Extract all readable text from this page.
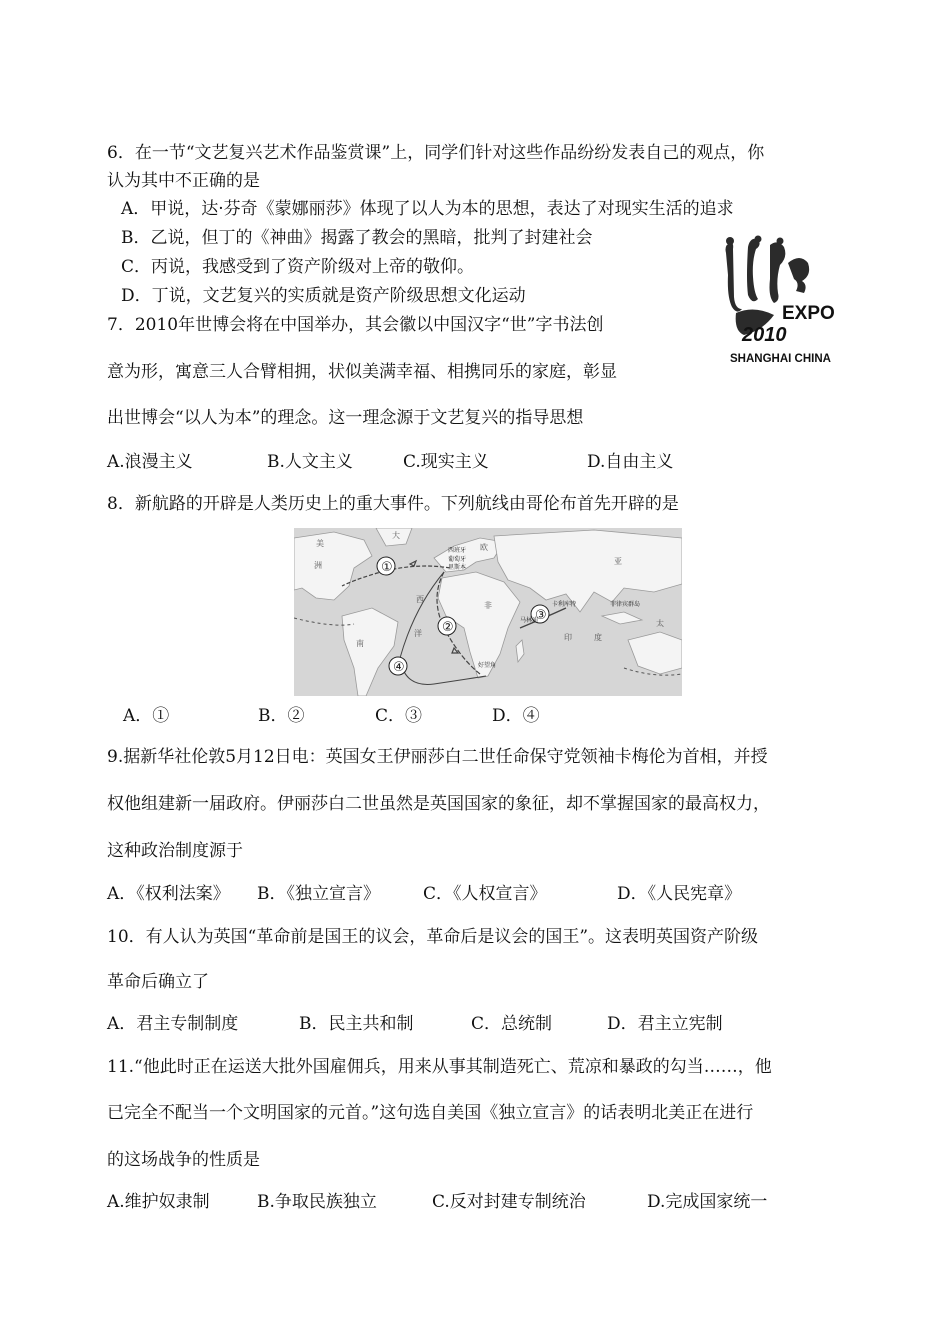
6．在一节“文艺复兴艺术作品鉴赏课”上，同学们针对这些作品纷纷发表自己的观点，你
认为其中不正确的是
A．甲说，达·芬奇《蒙娜丽莎》体现了以人为本的思想，表达了对现实生活的追求
B．乙说，但丁的《神曲》揭露了教会的黑暗，批判了封建社会
C．丙说，我感受到了资产阶级对上帝的敬仰。
D．丁说，文艺复兴的实质就是资产阶级思想文化运动
7．2010年世博会将在中国举办，其会徽以中国汉字“世”字书法创
意为形，寓意三人合臂相拥，状似美满幸福、相携同乐的家庭，彰显
出世博会“以人为本”的理念。这一理念源于文艺复兴的指导思想
A.浪漫主义	B.人文主义	C.现实主义	D.自由主义
EXPO
2010
SHANGHAI CHINA
8．新航路的开辟是人类历史上的重大事件。下列航线由哥伦布首先开辟的是
①
②
③
④
西班牙
葡萄牙
里斯本
卡利库特
马林迪
好望角
菲律宾群岛
大
西
洋
洲
南
美
非
欧
亚
印	度
太
A．①	B．②	C．③	D．④
9.据新华社伦敦5月12日电：英国女王伊丽莎白二世任命保守党领袖卡梅伦为首相，并授
权他组建新一届政府。伊丽莎白二世虽然是英国国家的象征，却不掌握国家的最高权力，
这种政治制度源于
A．《权利法案》 B．《独立宣言》	C．《人权宣言》	D．《人民宪章》
10．有人认为英国“革命前是国王的议会，革命后是议会的国王”。这表明英国资产阶级
革命后确立了
A．君主专制制度	B．民主共和制	C．总统制	D．君主立宪制
11.“他此时正在运送大批外国雇佣兵，用来从事其制造死亡、荒凉和暴政的勾当……，他
已完全不配当一个文明国家的元首。”这句选自美国《独立宣言》的话表明北美正在进行
的这场战争的性质是
A.维护奴隶制	B.争取民族独立	C.反对封建专制统治	D.完成国家统一
